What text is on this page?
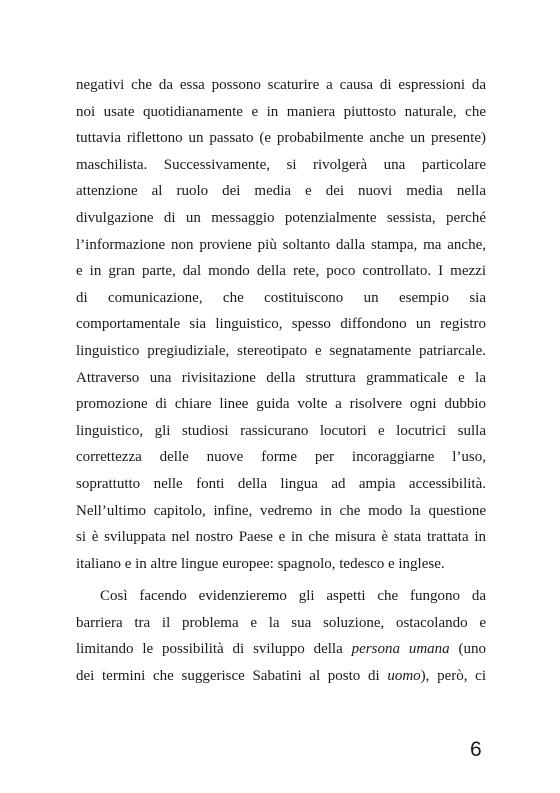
negativi che da essa possono scaturire a causa di espressioni da
noi usate quotidianamente e in maniera piuttosto naturale, che
tuttavia riflettono un passato (e probabilmente anche un presente)
maschilista. Successivamente, si rivolgerà una particolare
attenzione al ruolo dei media e dei nuovi media nella
divulgazione di un messaggio potenzialmente sessista, perché
l’informazione non proviene più soltanto dalla stampa, ma anche,
e in gran parte, dal mondo della rete, poco controllato. I mezzi
di comunicazione, che costituiscono un esempio sia
comportamentale sia linguistico, spesso diffondono un registro
linguistico pregiudiziale, stereotipato e segnatamente patriarcale.
Attraverso una rivisitazione della struttura grammaticale e la
promozione di chiare linee guida volte a risolvere ogni dubbio
linguistico, gli studiosi rassicurano locutori e locutrici sulla
correttezza delle nuove forme per incoraggiarne l’uso,
soprattutto nelle fonti della lingua ad ampia accessibilità.
Nell’ultimo capitolo, infine, vedremo in che modo la questione
si è sviluppata nel nostro Paese e in che misura è stata trattata in
italiano e in altre lingue europee: spagnolo, tedesco e inglese.
Così facendo evidenzieremo gli aspetti che fungono da
barriera tra il problema e la sua soluzione, ostacolando e
limitando le possibilità di sviluppo della persona umana (uno
dei termini che suggerisce Sabatini al posto di uomo), però, ci
6
